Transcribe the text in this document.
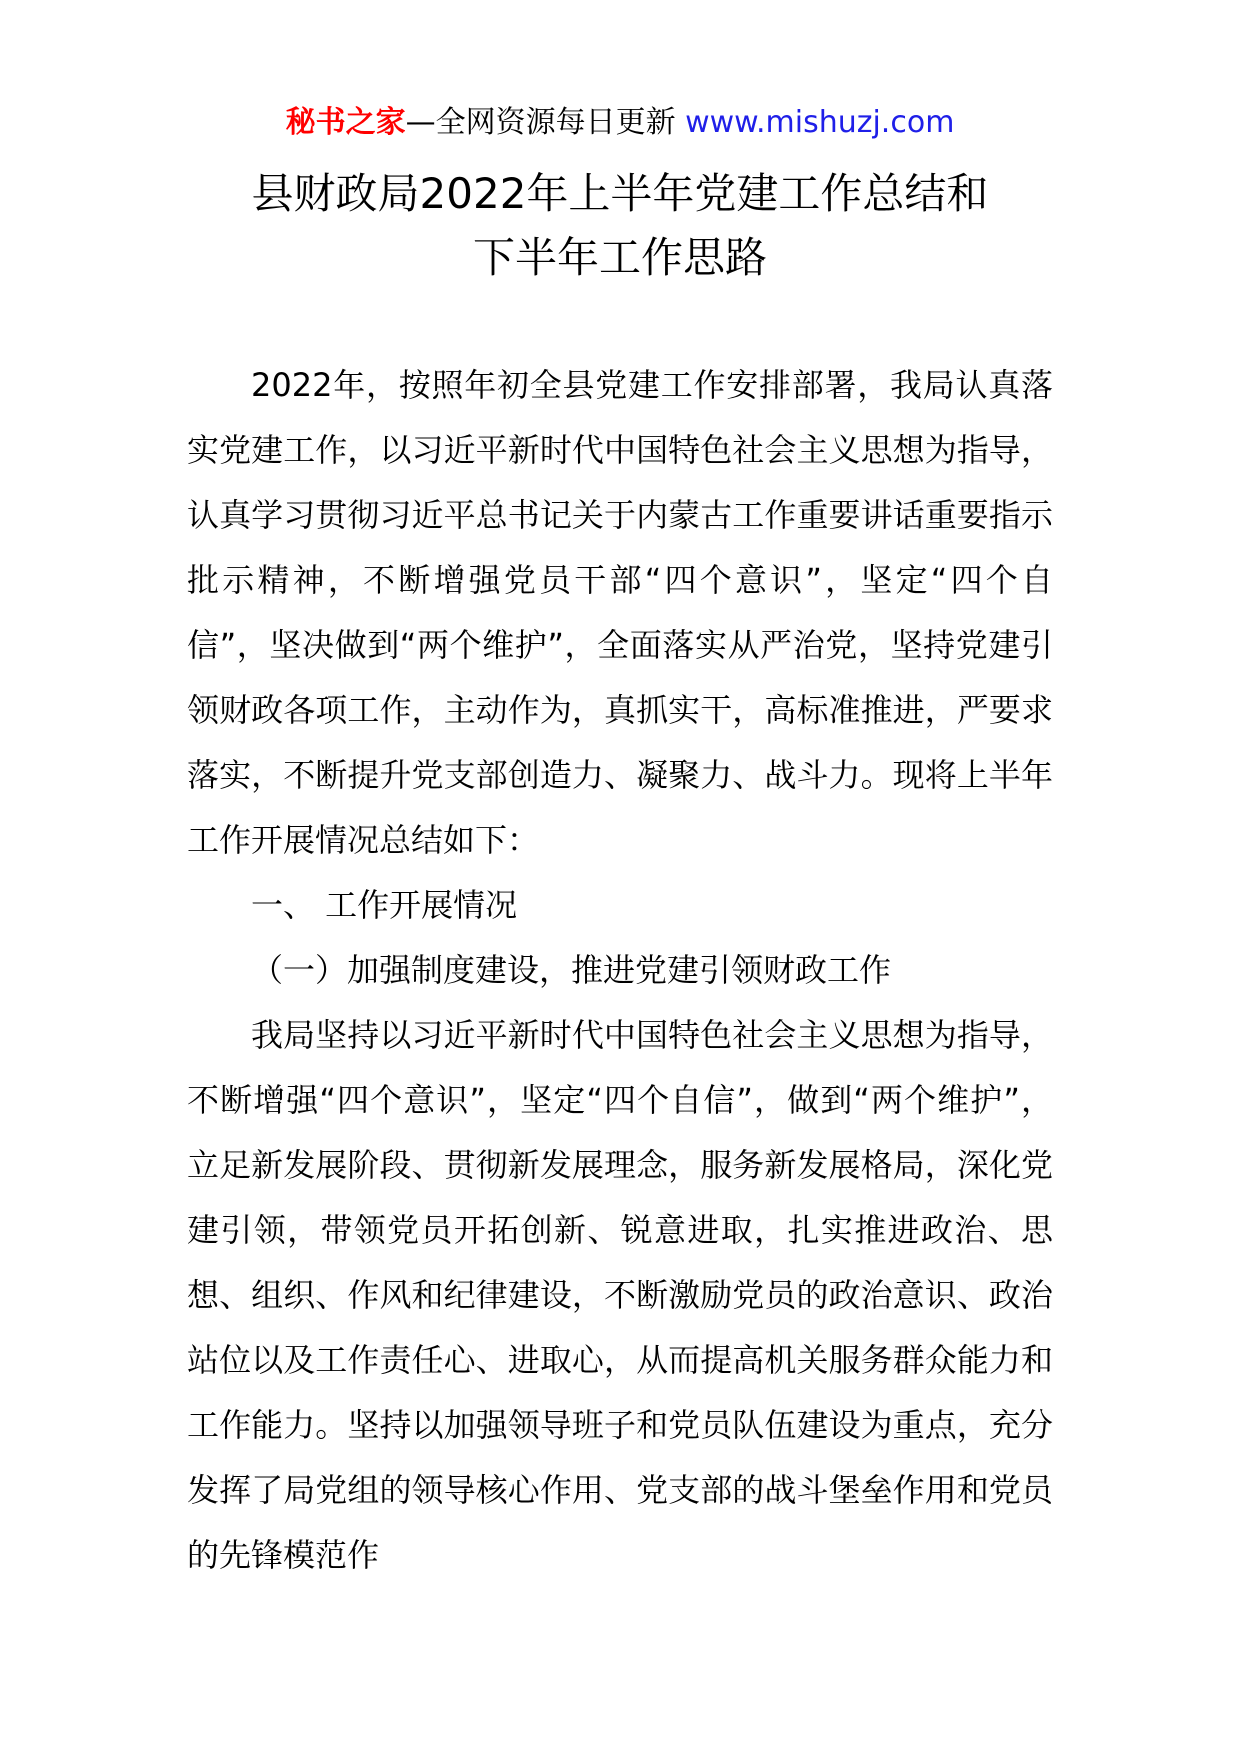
秘书之家—全网资源每日更新 www.mishuzj.com
县财政局2022年上半年党建工作总结和
下半年工作思路

2022年，按照年初全县党建工作安排部署，我局认真落实党建工作，以习近平新时代中国特色社会主义思想为指导，认真学习贯彻习近平总书记关于内蒙古工作重要讲话重要指示批示精神，不断增强党员干部“四个意识”，坚定“四个自信”，坚决做到“两个维护”，全面落实从严治党，坚持党建引领财政各项工作，主动作为，真抓实干，高标准推进，严要求落实，不断提升党支部创造力、凝聚力、战斗力。现将上半年工作开展情况总结如下：

一、 工作开展情况

（一）加强制度建设，推进党建引领财政工作

我局坚持以习近平新时代中国特色社会主义思想为指导，不断增强“四个意识”，坚定“四个自信”，做到“两个维护”，立足新发展阶段、贯彻新发展理念，服务新发展格局，深化党建引领，带领党员开拓创新、锐意进取，扎实推进政治、思想、组织、作风和纪律建设，不断激励党员的政治意识、政治站位以及工作责任心、进取心，从而提高机关服务群众能力和工作能力。坚持以加强领导班子和党员队伍建设为重点，充分发挥了局党组的领导核心作用、党支部的战斗堡垒作用和党员的先锋模范作
